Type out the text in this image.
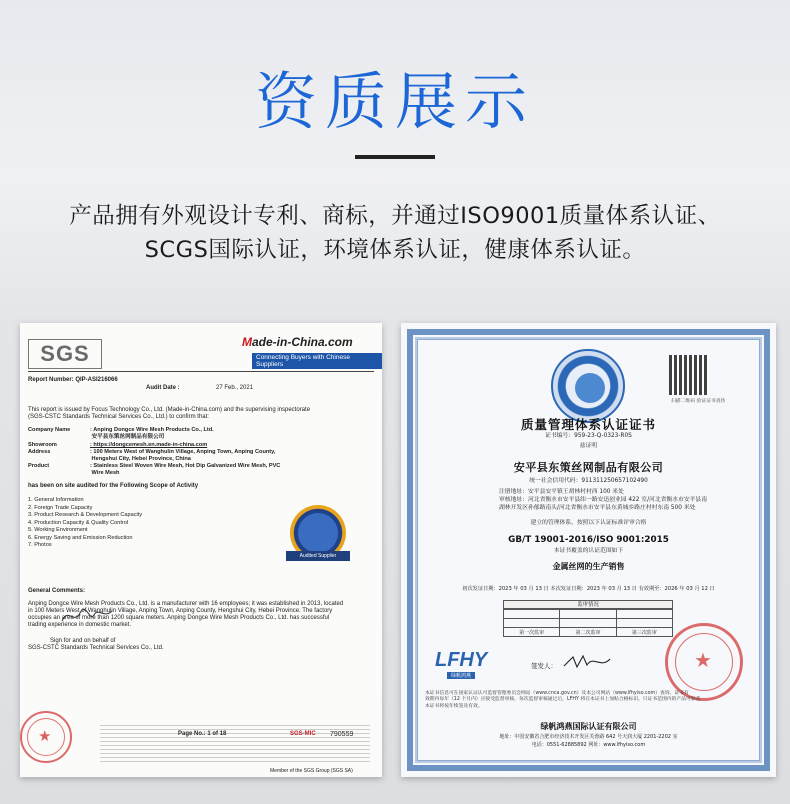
资质展示
产品拥有外观设计专利、商标，并通过ISO9001质量体系认证、
SCGS国际认证，环境体系认证，健康体系认证。
SGS	Made-in-China.com
Connecting Buyers with Chinese Suppliers
Report Number: QIP-ASI216066
Audit Date :	27 Feb., 2021
This report is issued by Focus Technology Co., Ltd. (Made-in-China.com) and the supervising inspectorate
(SGS-CSTC Standards Technical Services Co., Ltd.) to confirm that:
Company Name	: Anping Dongce Wire Mesh Products Co., Ltd.
安平县东策丝网制品有限公司
Showroom	: https://dongcemesh.en.made-in-china.com
Address	: 100 Meters West of Wanghulin Village, Anping Town, Anping County,
Hengshui City, Hebei Province, China
Product	: Stainless Steel Woven Wire Mesh, Hot Dip Galvanized Wire Mesh, PVC
Wire Mesh
has been on site audited for the Following Scope of Activity
1. General Information
2. Foreign Trade Capacity
3. Product Research & Development Capacity
4. Production Capacity & Quality Control
5. Working Environment
6. Energy Saving and Emission Reduction
7. Photos
Audited Supplier
General Comments:
Anping Dongce Wire Mesh Products Co., Ltd. is a manufacturer with 16 employees; it was established in 2013, located
in 100 Meters West of Wanghulin Village, Anping Town, Anping County, Hengshui City, Hebei Province. The factory
occupies an area of more than 1200 square meters. Anping Dongce Wire Mesh Products Co., Ltd. has successful
trading experience in domestic market.
Sign for and on behalf of
SGS-CSTC Standards Technical Services Co., Ltd.
★	Page No.: 1 of 18	SGS-MIC 790559
Member of the SGS Group (SGS SA)
扫描二维码 验证证书真伪
质量管理体系认证证书
证书编号：959-23-Q-0323-R0S
兹证明
安平县东策丝网制品有限公司
统一社会信用代码：911311250657102490
注册地址：安平县安平镇王胡林村村西 100 米处
审核地址：河北省衡水市安平县纬一路安迅创业园 422 室/河北省衡水市安平县南
湖林开发区孙郁路南头/河北省衡水市安平县东黄城乡路庄村村东南 500 米处
建立的管理体系，按照以下认证标准评审合格
GB/T 19001-2016/ISO 9001:2015
本证书覆盖的认证范围如下
金属丝网的生产销售
初次发证日期：2023 年 03 月 13 日 本次发证日期：2023 年 03 月 13 日 有效期至：2026 年 03 月 12 日
监审情况

第一次监审	第二次监审	第三次监审
LFHY
绿帆鸿燕
签发人：	★
本证书信息可在国家认证认可监督管理委员会网站（www.cnca.gov.cn）及本公司网站（www.lfhyiso.com）查询。证书有
效期内每年（12 个月内）应接受监督审核，每次监督审核通过后，LFHY 将在本证书上加贴合格标识。只证书范围内的产品可加盖
本证书将按年续签及有效。
绿帆鸿燕国际认证有限公司
地址：中国安徽省合肥市经济技术开发区芙蓉路 642 号天润大厦 2201-2202 室
电话：0551-62885892 网址：www.lfhyiso.com
